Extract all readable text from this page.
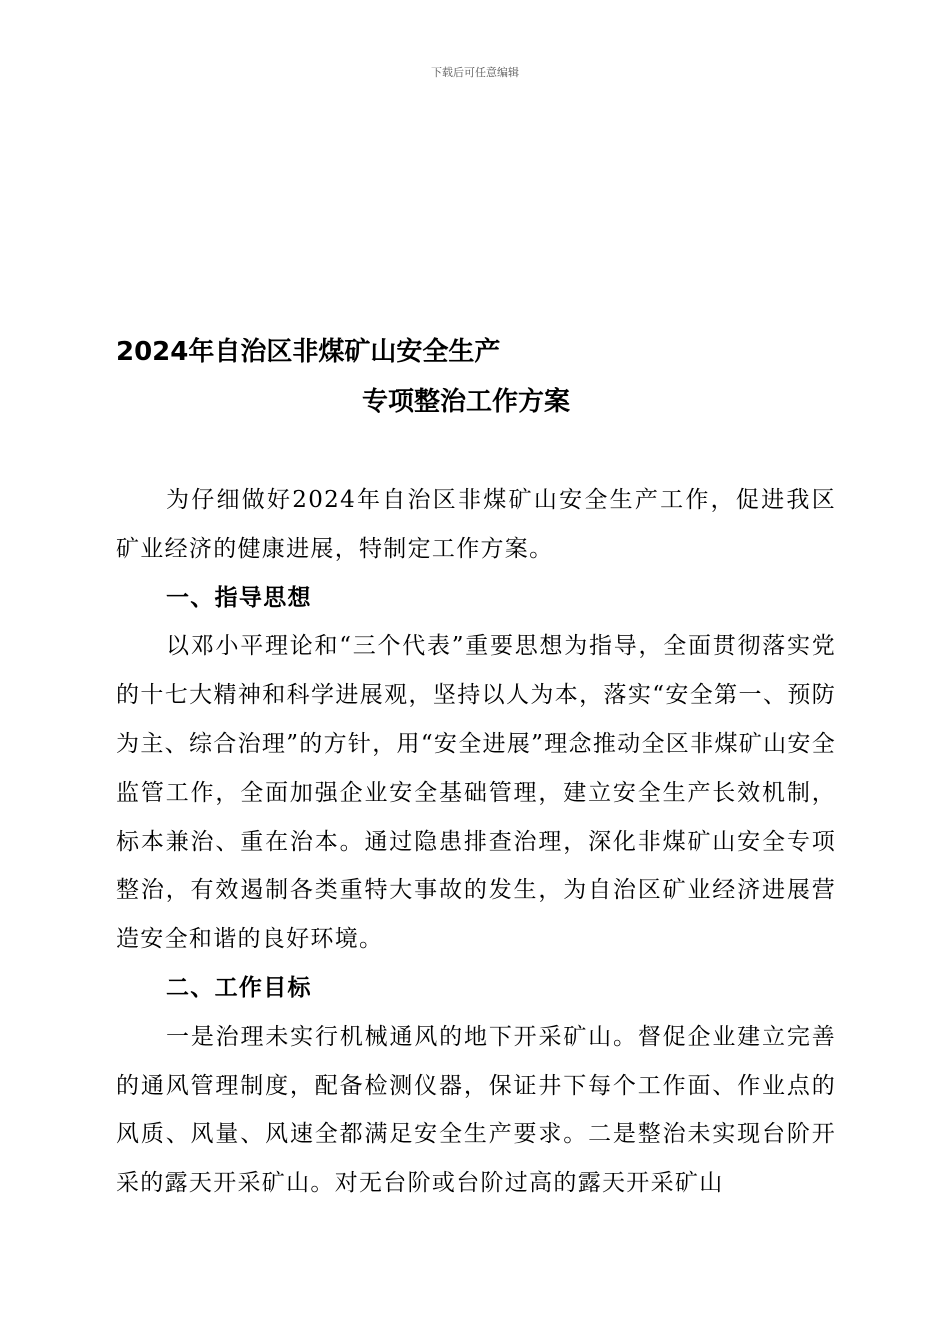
下载后可任意编辑
2024年自治区非煤矿山安全生产
专项整治工作方案

为仔细做好2024年自治区非煤矿山安全生产工作，促进我区矿业经济的健康进展，特制定工作方案。

一、指导思想

以邓小平理论和“三个代表”重要思想为指导，全面贯彻落实党的十七大精神和科学进展观，坚持以人为本，落实“安全第一、预防为主、综合治理”的方针，用“安全进展”理念推动全区非煤矿山安全监管工作，全面加强企业安全基础管理，建立安全生产长效机制，标本兼治、重在治本。通过隐患排查治理，深化非煤矿山安全专项整治，有效遏制各类重特大事故的发生，为自治区矿业经济进展营造安全和谐的良好环境。

二、工作目标

一是治理未实行机械通风的地下开采矿山。督促企业建立完善的通风管理制度，配备检测仪器，保证井下每个工作面、作业点的风质、风量、风速全都满足安全生产要求。二是整治未实现台阶开采的露天开采矿山。对无台阶或台阶过高的露天开采矿山
